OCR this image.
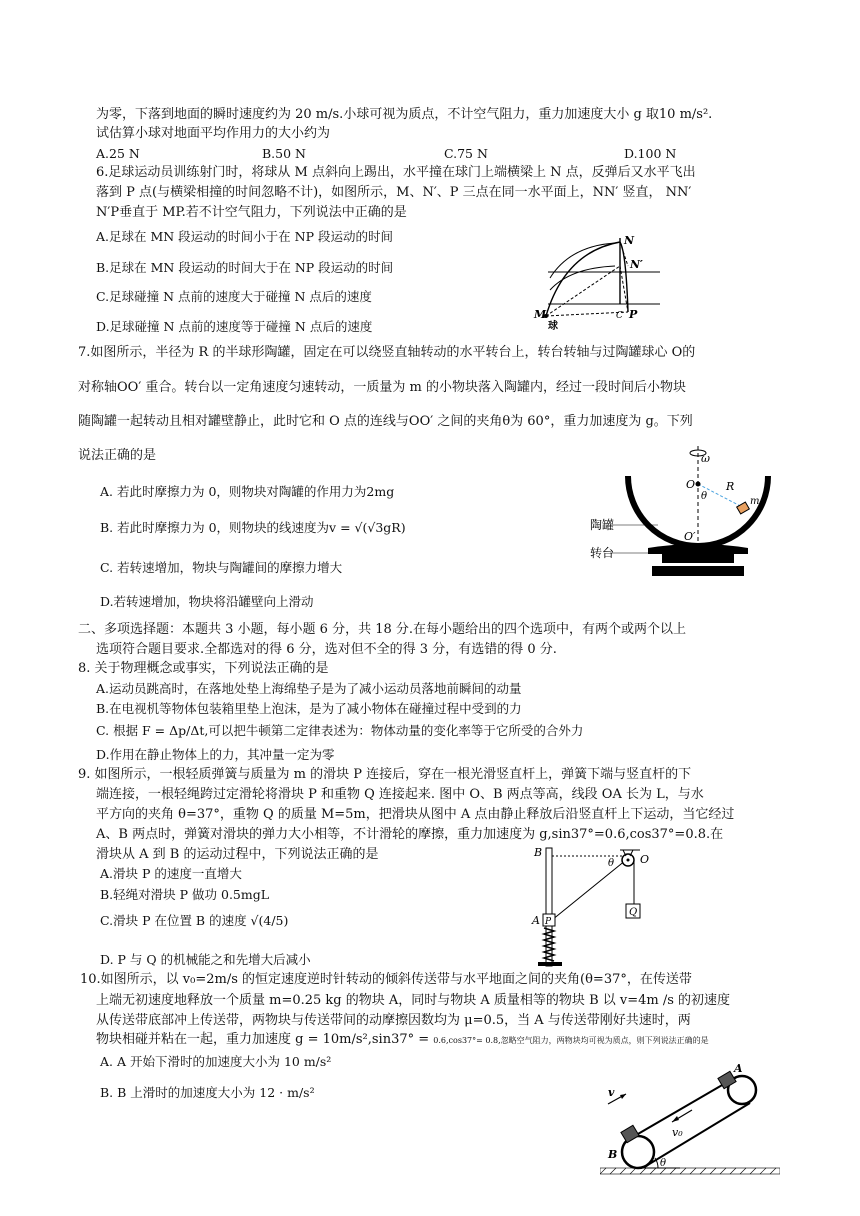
为零，下落到地面的瞬时速度约为 20 m/s.小球可视为质点，不计空气阻力，重力加速度大小 g 取10 m/s².
试估算小球对地面平均作用力的大小约为
A.25 N	B.50 N	C.75 N	D.100 N
6.足球运动员训练射门时，将球从 M 点斜向上踢出，水平撞在球门上端横梁上 N 点，反弹后又水平飞出
落到 P 点(与横梁相撞的时间忽略不计)，如图所示，M、N′、P 三点在同一水平面上，NN′ 竖直， NN′
N′P垂直于 MP.若不计空气阻力，下列说法中正确的是
A.足球在 MN 段运动的时间小于在 NP 段运动的时间
B.足球在 MN 段运动的时间大于在 NP 段运动的时间
C.足球碰撞 N 点前的速度大于碰撞 N 点后的速度
D.足球碰撞 N 点前的速度等于碰撞 N 点后的速度
N
N′
M	P
C
球
7.如图所示，半径为 R 的半球形陶罐，固定在可以绕竖直轴转动的水平转台上，转台转轴与过陶罐球心 O的
对称轴OO′ 重合。转台以一定角速度匀速转动，一质量为 m 的小物块落入陶罐内，经过一段时间后小物块
随陶罐一起转动且相对罐壁静止，此时它和 O 点的连线与OO′ 之间的夹角θ为 60°，重力加速度为 g。下列
说法正确的是
A. 若此时摩擦力为 0，则物块对陶罐的作用力为2mg
B. 若此时摩擦力为 0，则物块的线速度为v = √(√3gR)
C. 若转速增加，物块与陶罐间的摩擦力增大
D.若转速增加，物块将沿罐壁向上滑动
ω
O
θ
R
m
O′
陶罐
转台
二、多项选择题：本题共 3 小题，每小题 6 分，共 18 分.在每小题给出的四个选项中，有两个或两个以上
选项符合题目要求.全都选对的得 6 分，选对但不全的得 3 分，有选错的得 0 分.
8. 关于物理概念或事实，下列说法正确的是
A.运动员跳高时，在落地处垫上海绵垫子是为了减小运动员落地前瞬间的动量
B.在电视机等物体包装箱里垫上泡沫，是为了减小物体在碰撞过程中受到的力
C. 根据 F = Δp/Δt,可以把牛顿第二定律表述为：物体动量的变化率等于它所受的合外力
D.作用在静止物体上的力，其冲量一定为零
9. 如图所示，一根轻质弹簧与质量为 m 的滑块 P 连接后，穿在一根光滑竖直杆上，弹簧下端与竖直杆的下
端连接，一根轻绳跨过定滑轮将滑块 P 和重物 Q 连接起来. 图中 O、B 两点等高，线段 OA 长为 L，与水
平方向的夹角 θ=37°，重物 Q 的质量 M=5m，把滑块从图中 A 点由静止释放后沿竖直杆上下运动，当它经过
A、B 两点时，弹簧对滑块的弹力大小相等，不计滑轮的摩擦，重力加速度为 g,sin37°=0.6,cos37°=0.8.在
滑块从 A 到 B 的运动过程中，下列说法正确的是
A.滑块 P 的速度一直增大
B.轻绳对滑块 P 做功 0.5mgL
C.滑块 P 在位置 B 的速度 √(4/5)
D. P 与 Q 的机械能之和先增大后减小
B
θ O
A P
Q
10.如图所示，以 v₀=2m/s 的恒定速度逆时针转动的倾斜传送带与水平地面之间的夹角(θ=37°，在传送带
上端无初速度地释放一个质量 m=0.25 kg 的物块 A，同时与物块 A 质量相等的物块 B 以 v=4m /s 的初速度
从传送带底部冲上传送带，两物块与传送带间的动摩擦因数均为 μ=0.5，当 A 与传送带刚好共速时，两
物块相碰并粘在一起，重力加速度 g = 10m/s²,sin37° = 0.6,cos37°= 0.8,忽略空气阻力，两物块均可视为质点，则下列说法正确的是
A. A 开始下滑时的加速度大小为 10 m/s²
B. B 上滑时的加速度大小为 12 · m/s²	v
v₀
A
B
θ
